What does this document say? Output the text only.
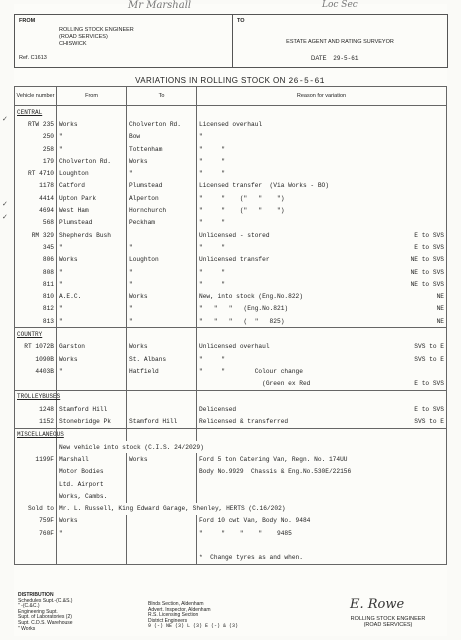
Mr Marshall	Loc Sec
FROM
ROLLING STOCK ENGINEER
(ROAD SERVICES)
CHISWICK
Ref. C1613
TO
ESTATE AGENT AND RATING SURVEYOR
DATE 29-5-61
VARIATIONS IN ROLLING STOCK ON 26-5-61
Vehicle number	From	To	Reason for variation
CENTRAL			
RTW 235	Works	Cholverton Rd.	Licensed overhaul

250	"	Bow	"

258	"	Tottenham	"     "

179	Cholverton Rd.	Works	"     "

RT 4710	Loughton	"	"     "

1178	Catford	Plumstead	Licensed transfer  (Via Works - BO)

4414	Upton Park	Alperton	"     "    ("   "    ")

4694	West Ham	Hornchurch	"     "    ("   "    ")

568	Plumstead	Peckham	"     "

RM 329	Shepherds Bush		Unlicensed - stored E to SVS

345	"	"	"     " E to SVS

806	Works	Loughton	Unlicensed transfer NE to SVS

808	"	"	"     " NE to SVS

811	"	"	"     " NE to SVS

810	A.E.C.	Works	New, into stock (Eng.No.822) NE

812	"	"	"   "   "   (Eng.No.821) NE

813	"	"	"   "   "   (  "   825) NE

COUNTRY			
RT 1072B	Garston	Works	Unlicensed overhaul SVS to E

1090B	Works	St. Albans	"     " SVS to E

4403B	"	Hatfield	"     "        Colour change

			(Green ex Red E to SVS

TROLLEYBUSES			
1248	Stamford Hill		Delicensed E to SVS

1152	Stonebridge Pk	Stamford Hill	Relicensed & transferred SVS to E

MISCELLANEOUS			
	New vehicle into stock (C.I.S. 24/2029)		
1199F	Marshall	Works	Ford 5 ton Catering Van, Regn. No. 174UU

	Motor Bodies		Body No.9929  Chassis & Eng.No.530E/22156

	Ltd. Airport		

	Works, Cambs.		

Sold to	Mr. L. Russell, King Edward Garage, Shenley, HERTS (C.16/202)		
759F	Works		Ford 10 cwt Van, Body No. 9484

760F	"		"     "    "    "    9485

			*  Change tyres as and when.
✓
✓
✓
DISTRIBUTION
Schedules Supt.-(C.&S.)
" -(C.&C.)
Engineering Supt.
Supt. of Laboratories (2)
Supt. C.D.S. Warehouse
" Works
Blnds Section, Aldenham
Advert. Inspector, Aldenham
R.S. Licensing Section
District Engineers
9 (-) NE (3) L (3) E (-) & (3)
E. Rowe
ROLLING STOCK ENGINEER
(ROAD SERVICES)
